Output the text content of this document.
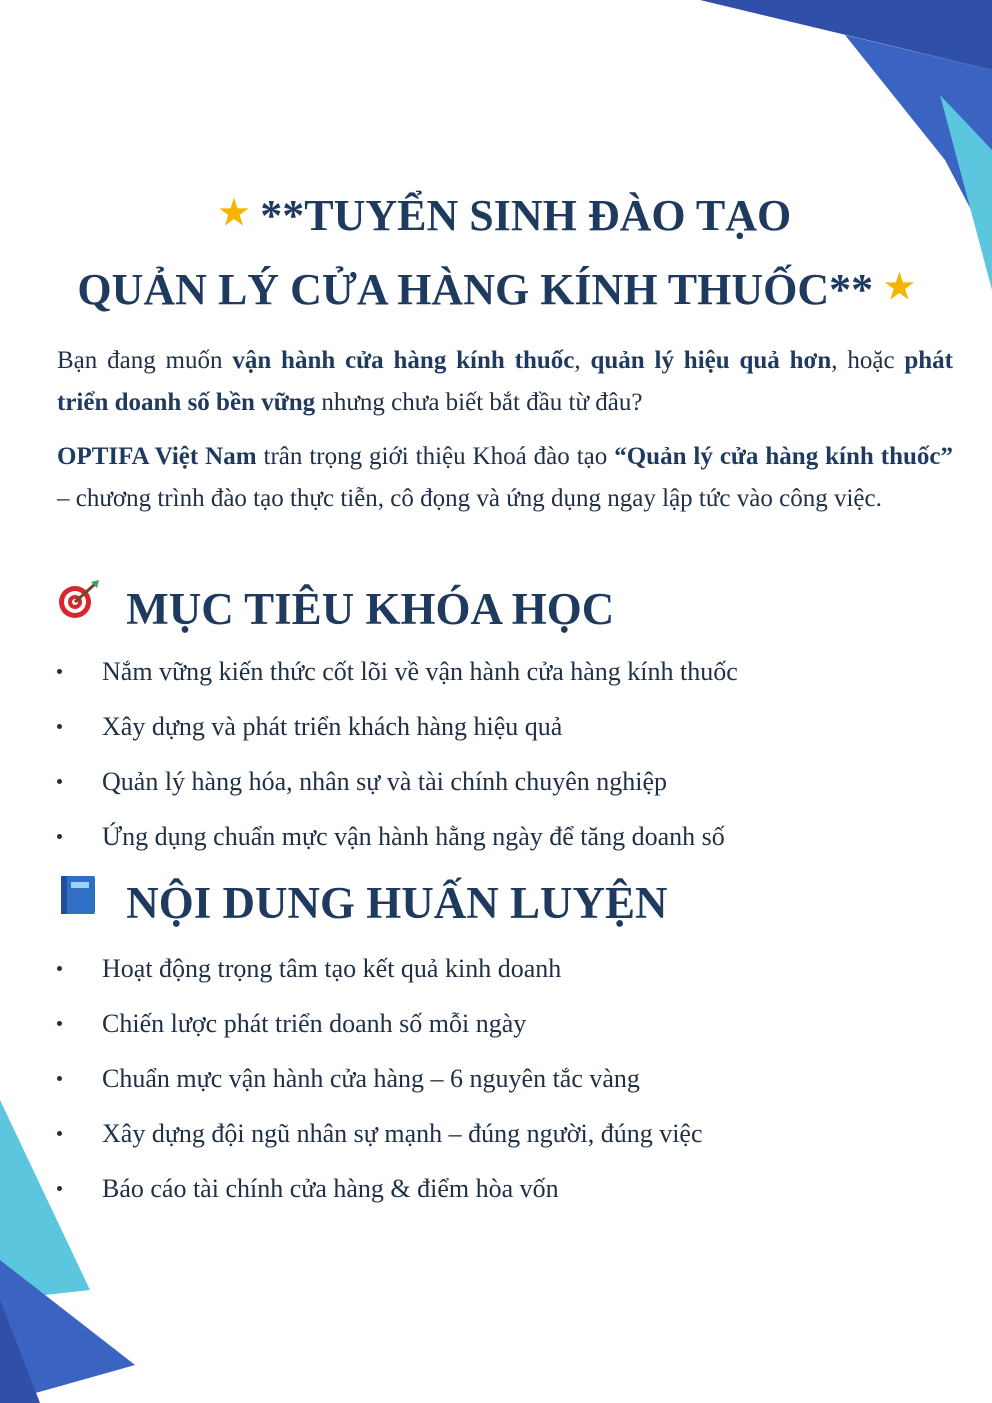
★ **TUYỂN SINH ĐÀO TẠO
QUẢN LÝ CỬA HÀNG KÍNH THUỐC** ★
Bạn đang muốn vận hành cửa hàng kính thuốc, quản lý hiệu quả hơn, hoặc phát triển doanh số bền vững nhưng chưa biết bắt đầu từ đâu?
OPTIFA Việt Nam trân trọng giới thiệu Khoá đào tạo “Quản lý cửa hàng kính thuốc” – chương trình đào tạo thực tiễn, cô đọng và ứng dụng ngay lập tức vào công việc.
MỤC TIÊU KHÓA HỌC
Nắm vững kiến thức cốt lõi về vận hành cửa hàng kính thuốc
Xây dựng và phát triển khách hàng hiệu quả
Quản lý hàng hóa, nhân sự và tài chính chuyên nghiệp
Ứng dụng chuẩn mực vận hành hằng ngày để tăng doanh số
NỘI DUNG HUẤN LUYỆN
Hoạt động trọng tâm tạo kết quả kinh doanh
Chiến lược phát triển doanh số mỗi ngày
Chuẩn mực vận hành cửa hàng – 6 nguyên tắc vàng
Xây dựng đội ngũ nhân sự mạnh – đúng người, đúng việc
Báo cáo tài chính cửa hàng & điểm hòa vốn
